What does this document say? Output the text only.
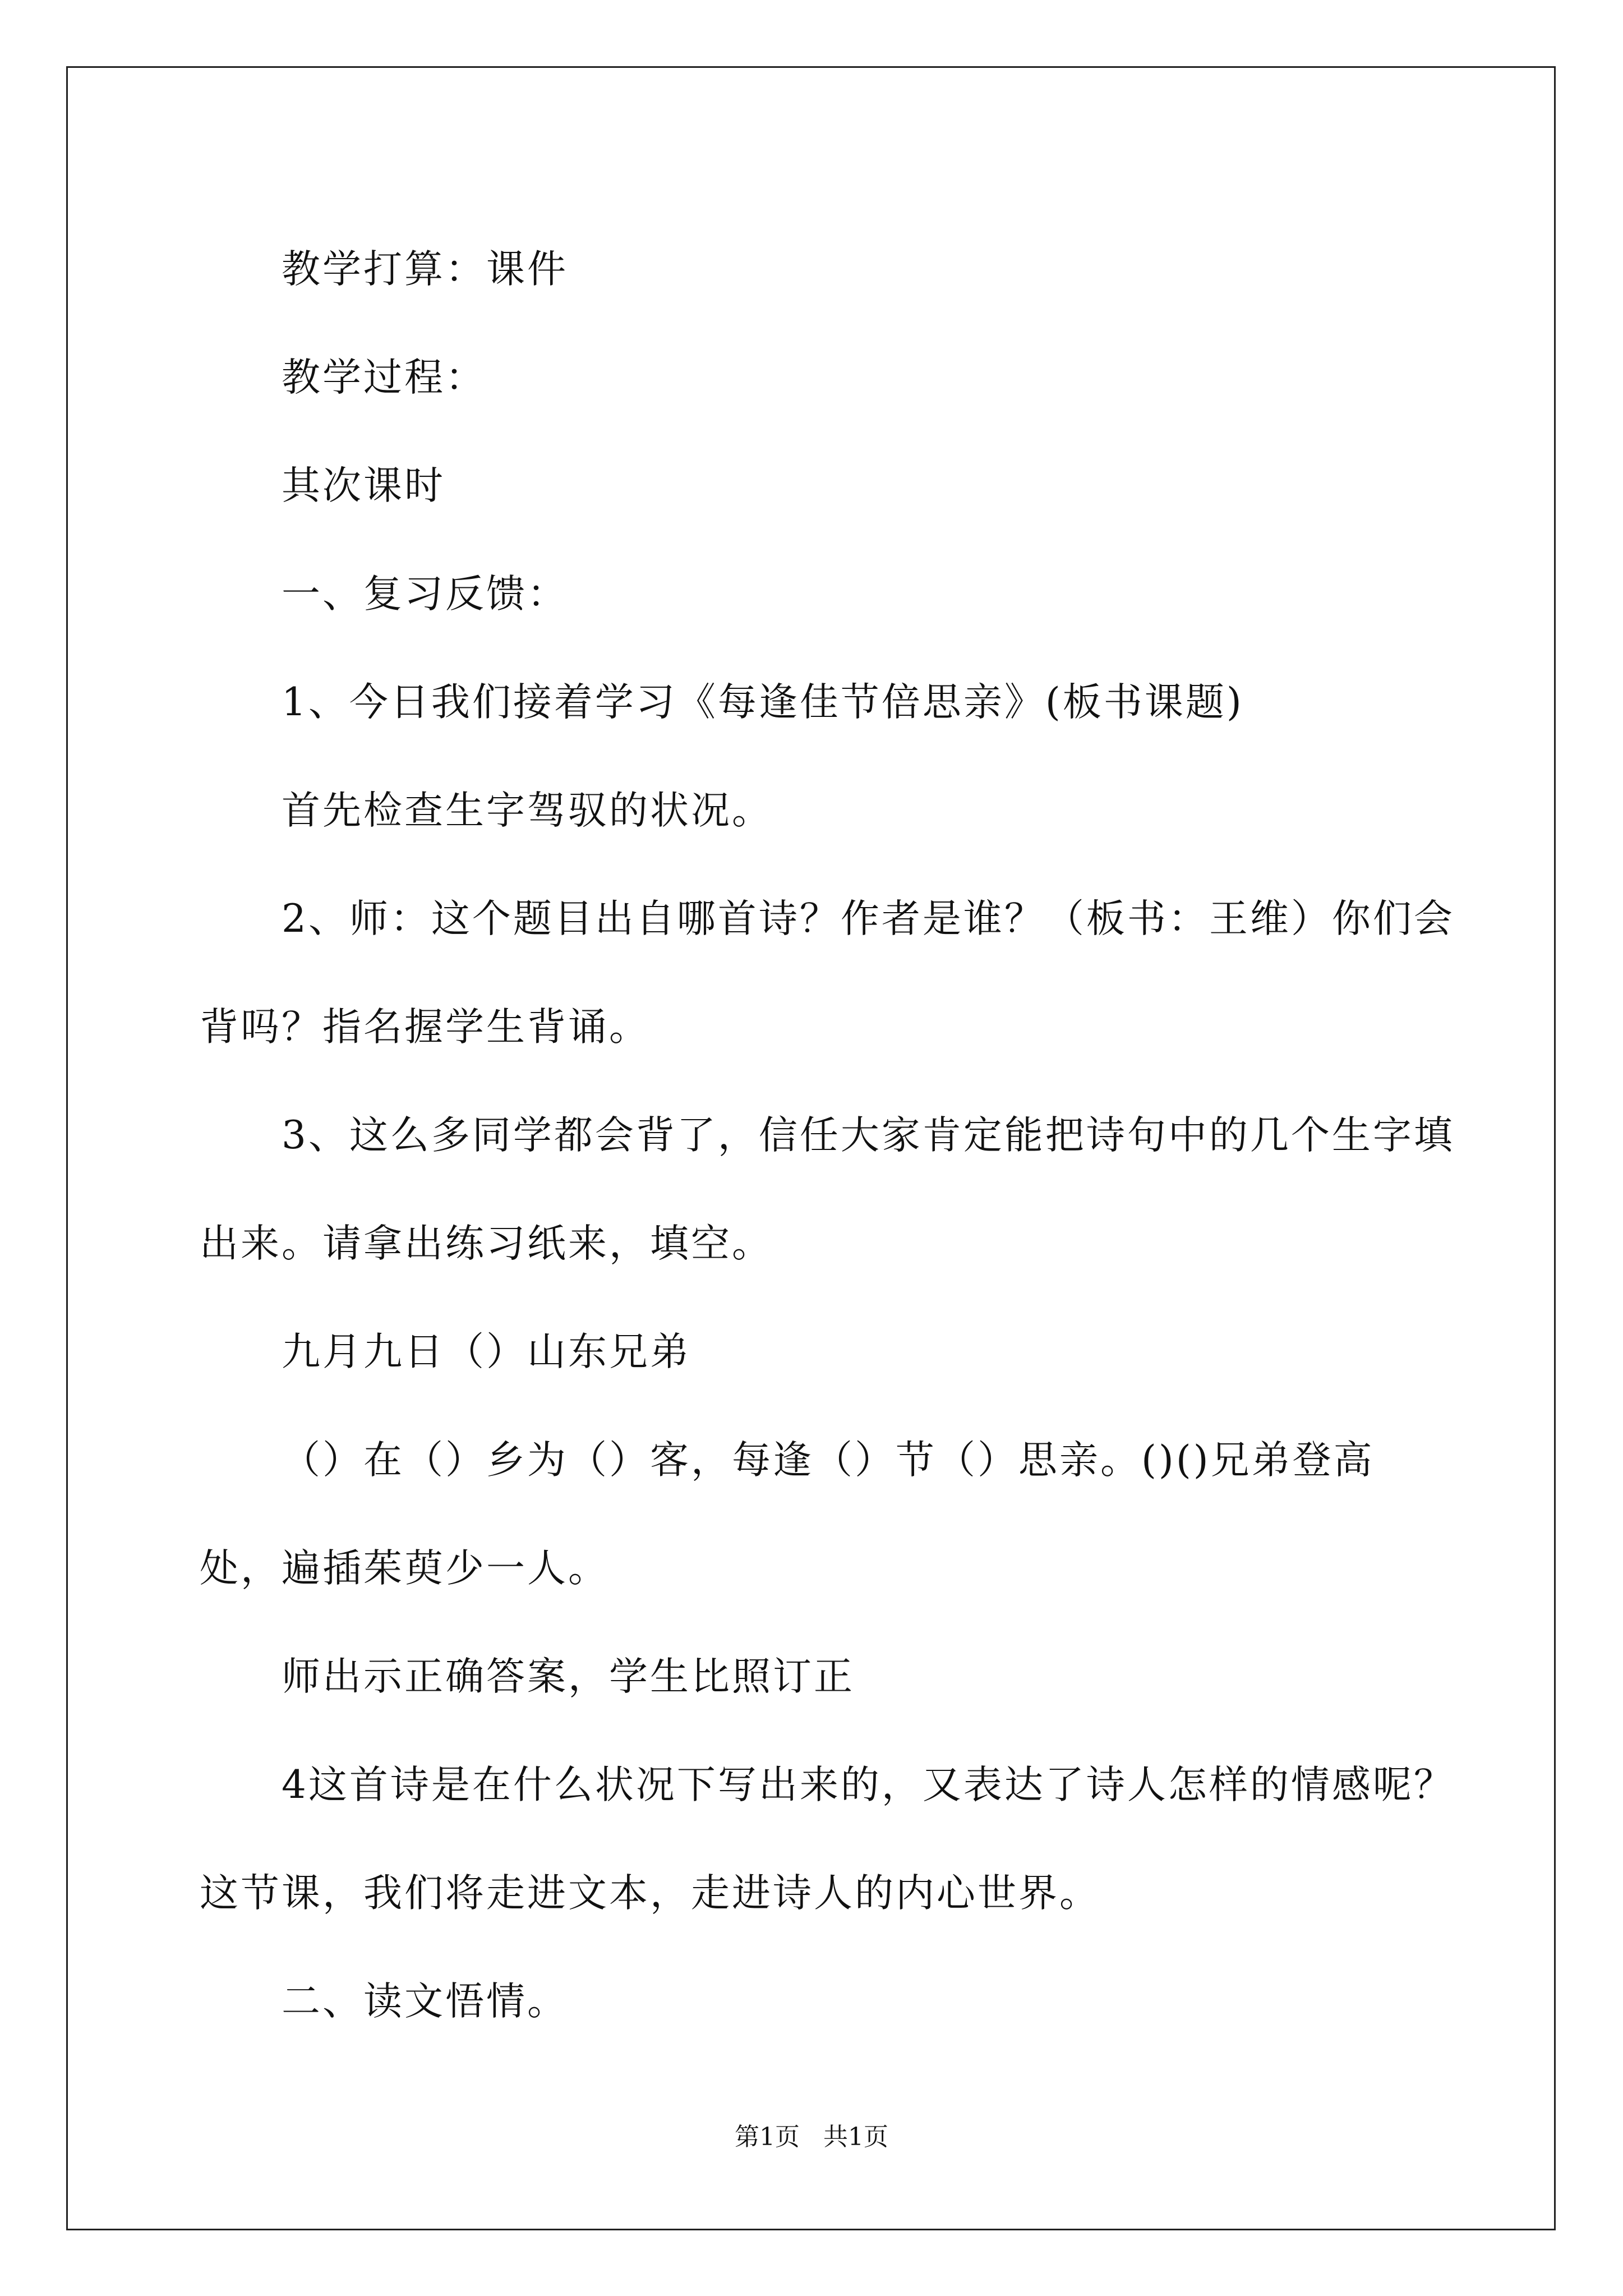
教学打算：课件
教学过程：
其次课时
一、复习反馈：
1、今日我们接着学习《每逢佳节倍思亲》(板书课题)
首先检查生字驾驭的状况。
2、师：这个题目出自哪首诗？作者是谁？（板书：王维）你们会
背吗？指名握学生背诵。
3、这么多同学都会背了，信任大家肯定能把诗句中的几个生字填
出来。请拿出练习纸来，填空。
九月九日（）山东兄弟
（）在（）乡为（）客，每逢（）节（）思亲。()()兄弟登高
处，遍插茱萸少一人。
师出示正确答案，学生比照订正
4这首诗是在什么状况下写出来的，又表达了诗人怎样的情感呢？
这节课，我们将走进文本，走进诗人的内心世界。
二、读文悟情。
第1页 共1页
